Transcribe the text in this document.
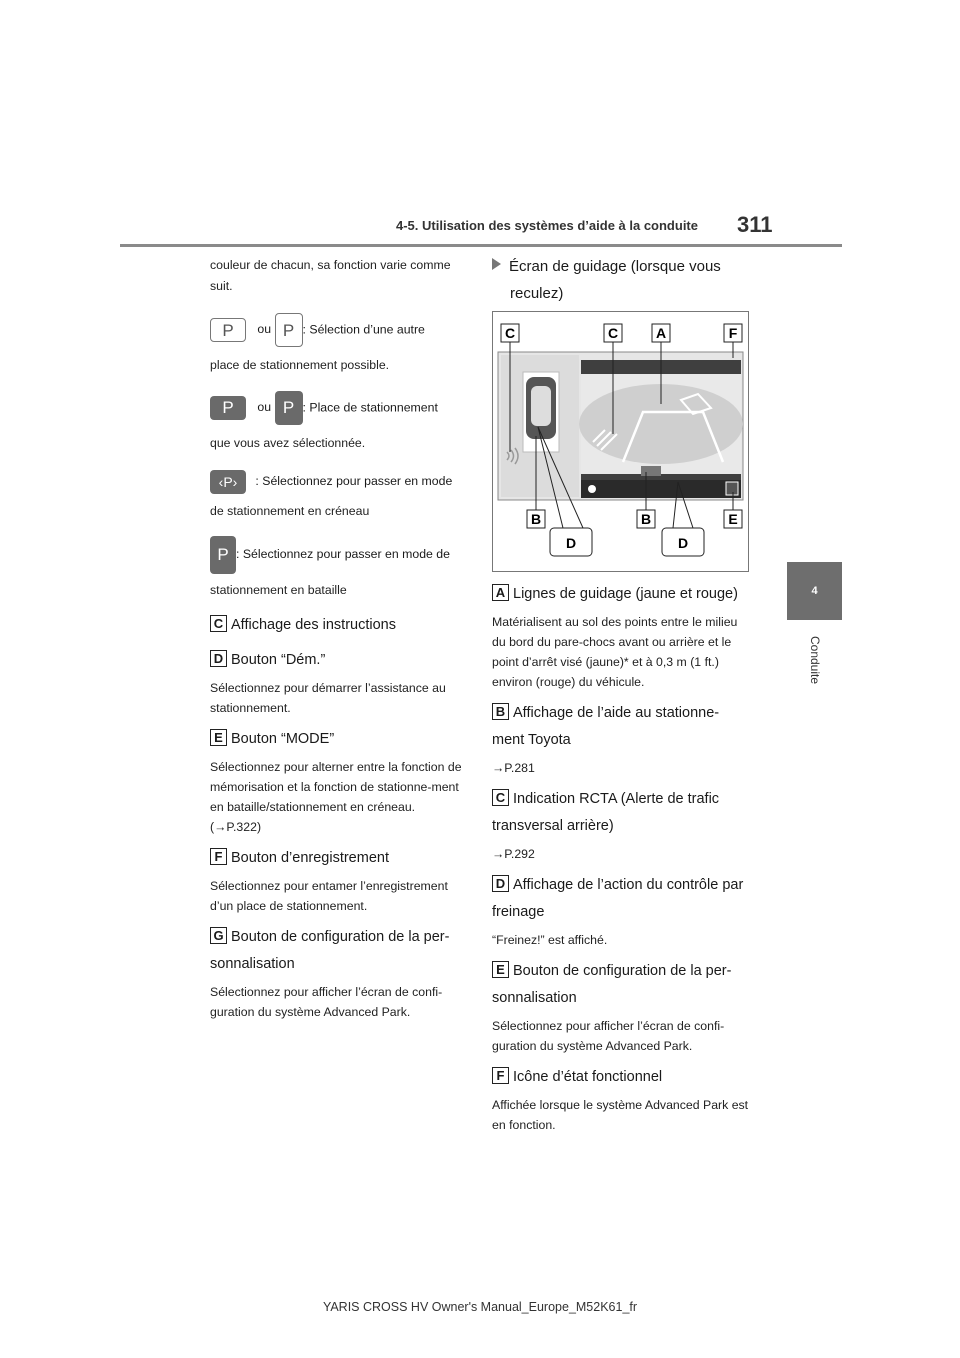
4-5. Utilisation des systèmes d’aide à la conduite 311
4
Conduite

couleur de chacun, sa fonction varie comme suit.

P ou P : Sélection d’une autre

place de stationnement possible.

P ou P : Place de stationnement

que vous avez sélectionnée.

‹P› : Sélectionnez pour passer en mode

de stationnement en créneau

P : Sélectionnez pour passer en mode de

stationnement en bataille

C Affichage des instructions

D Bouton “Dém.”

Sélectionnez pour démarrer l’assistance au stationnement.

E Bouton “MODE”

Sélectionnez pour alterner entre la fonction de mémorisation et la fonction de stationne-ment en bataille/stationnement en créneau. (→P.322)

F Bouton d’enregistrement

Sélectionnez pour entamer l’enregistrement d’un place de stationnement.

G Bouton de configuration de la per-sonnalisation

Sélectionnez pour afficher l’écran de confi-guration du système Advanced Park.

Écran de guidage (lorsque vous reculez)

C	C	A	F
B	B	E
D	D

A Lignes de guidage (jaune et rouge)

Matérialisent au sol des points entre le milieu du bord du pare-chocs avant ou arrière et le point d’arrêt visé (jaune)* et à 0,3 m (1 ft.) environ (rouge) du véhicule.

B Affichage de l’aide au stationne-ment Toyota

→P.281

C Indication RCTA (Alerte de trafic transversal arrière)

→P.292

D Affichage de l’action du contrôle par freinage

“Freinez!” est affiché.

E Bouton de configuration de la per-sonnalisation

Sélectionnez pour afficher l’écran de confi-guration du système Advanced Park.

F Icône d’état fonctionnel

Affichée lorsque le système Advanced Park est en fonction.

YARIS CROSS HV Owner's Manual_Europe_M52K61_fr
